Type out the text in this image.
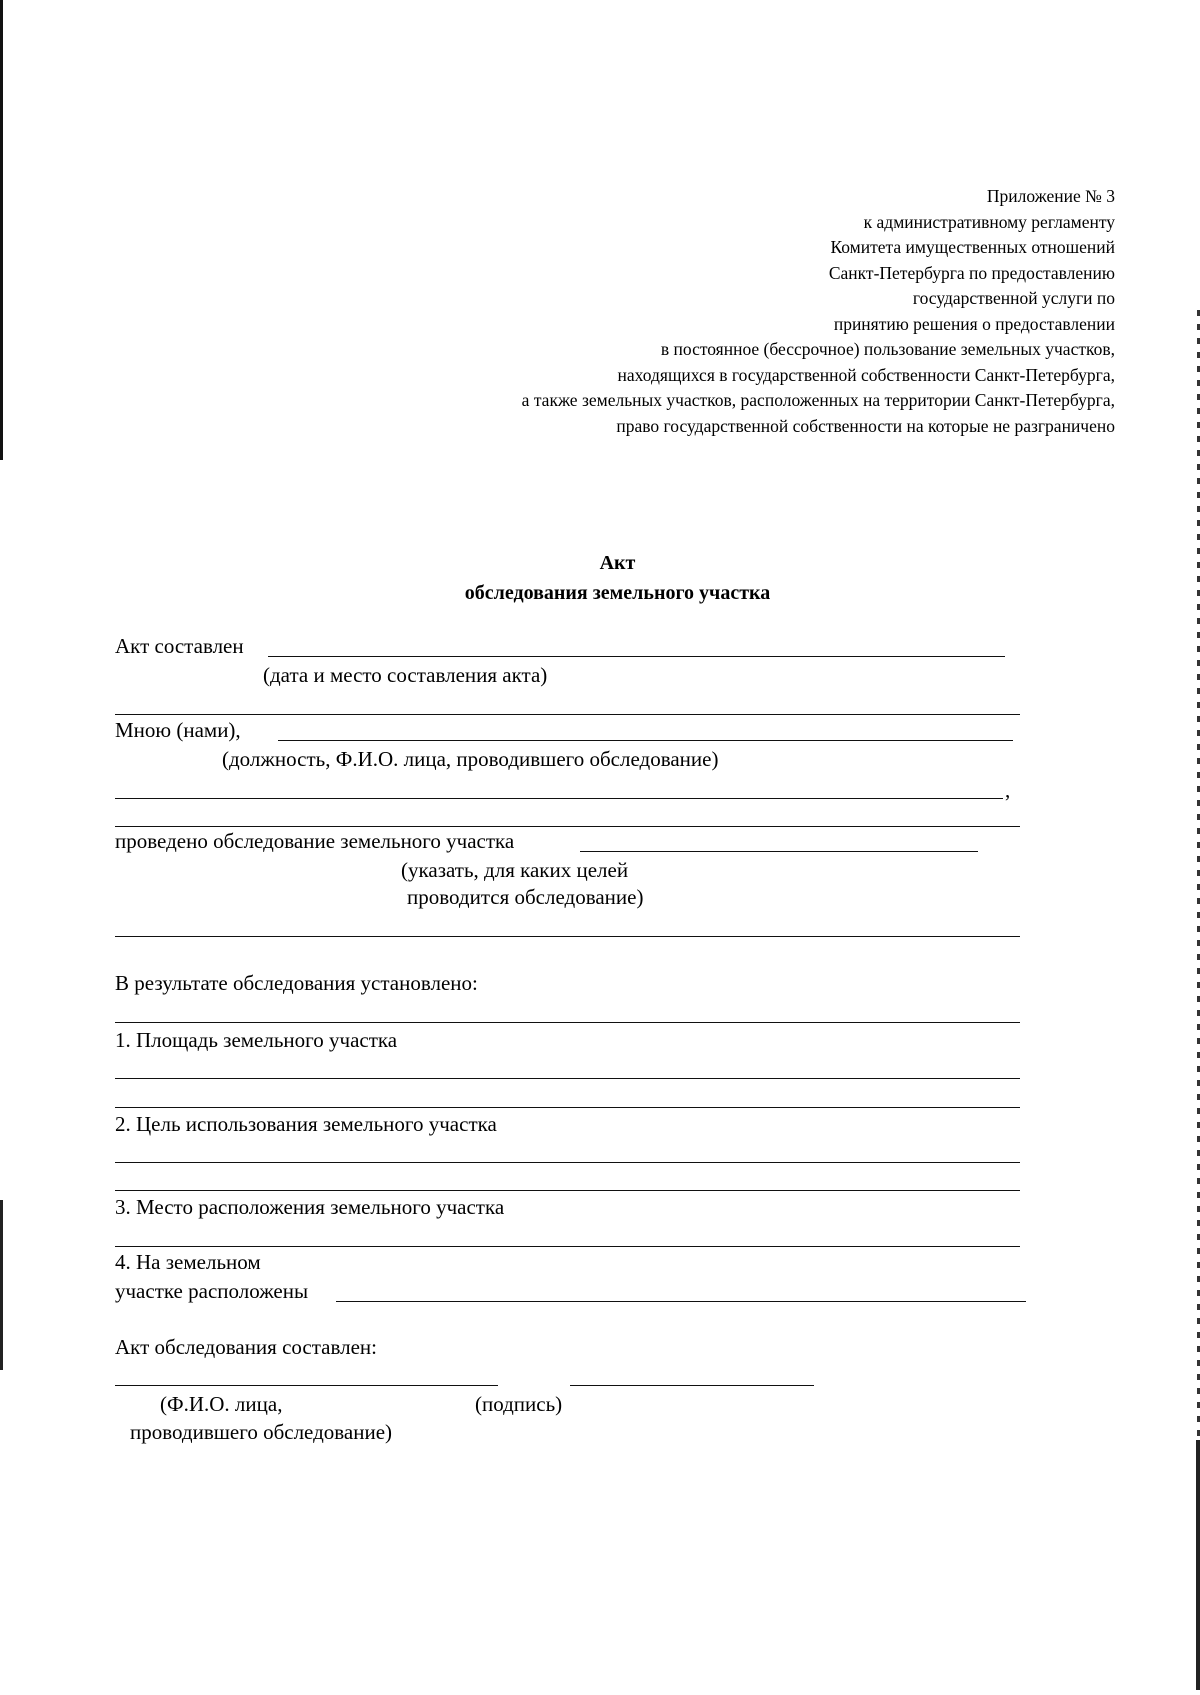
Приложение № 3
к административному регламенту
Комитета имущественных отношений
Санкт-Петербурга по предоставлению
государственной услуги по
принятию решения о предоставлении
в постоянное (бессрочное) пользование земельных участков,
находящихся в государственной собственности Санкт-Петербурга,
а также земельных участков, расположенных на территории Санкт-Петербурга,
право государственной собственности на которые не разграничено
Акт
обследования земельного участка
Акт составлен
(дата и место составления акта)
Мною (нами),
(должность, Ф.И.О. лица, проводившего обследование)
,
проведено обследование земельного участка
(указать, для каких целей
проводится обследование)
В результате обследования установлено:
1. Площадь земельного участка
2. Цель использования земельного участка
3. Место расположения земельного участка
4. На земельном
участке расположены
Акт обследования составлен:
(Ф.И.О. лица,	(подпись)
проводившего обследование)
